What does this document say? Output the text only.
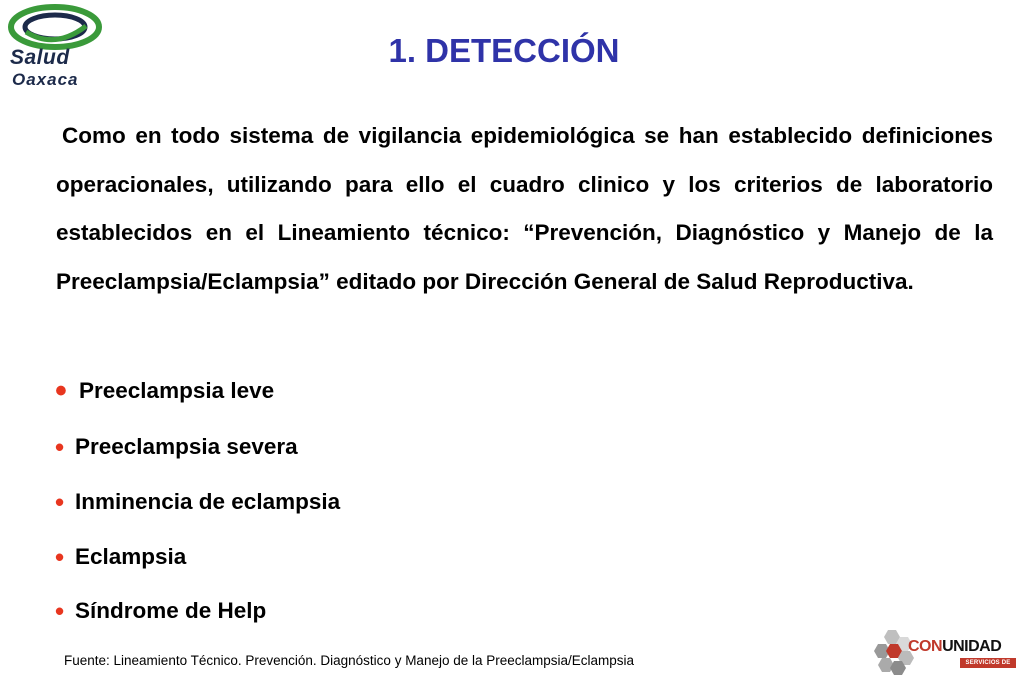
Salud
Oaxaca
1. DETECCIÓN

Como en todo sistema de vigilancia epidemiológica se han establecido definiciones operacionales, utilizando para ello el cuadro clinico y los criterios de laboratorio establecidos en el Lineamiento técnico: “Prevención, Diagnóstico y Manejo de la Preeclampsia/Eclampsia” editado por Dirección General de Salud Reproductiva.

• Preeclampsia leve
• Preeclampsia severa
• Inminencia de eclampsia
• Eclampsia
• Síndrome de Help

Fuente: Lineamiento Técnico. Prevención. Diagnóstico y Manejo de la Preeclampsia/Eclampsia

CONUNIDAD
SERVICIOS DE SALUD
